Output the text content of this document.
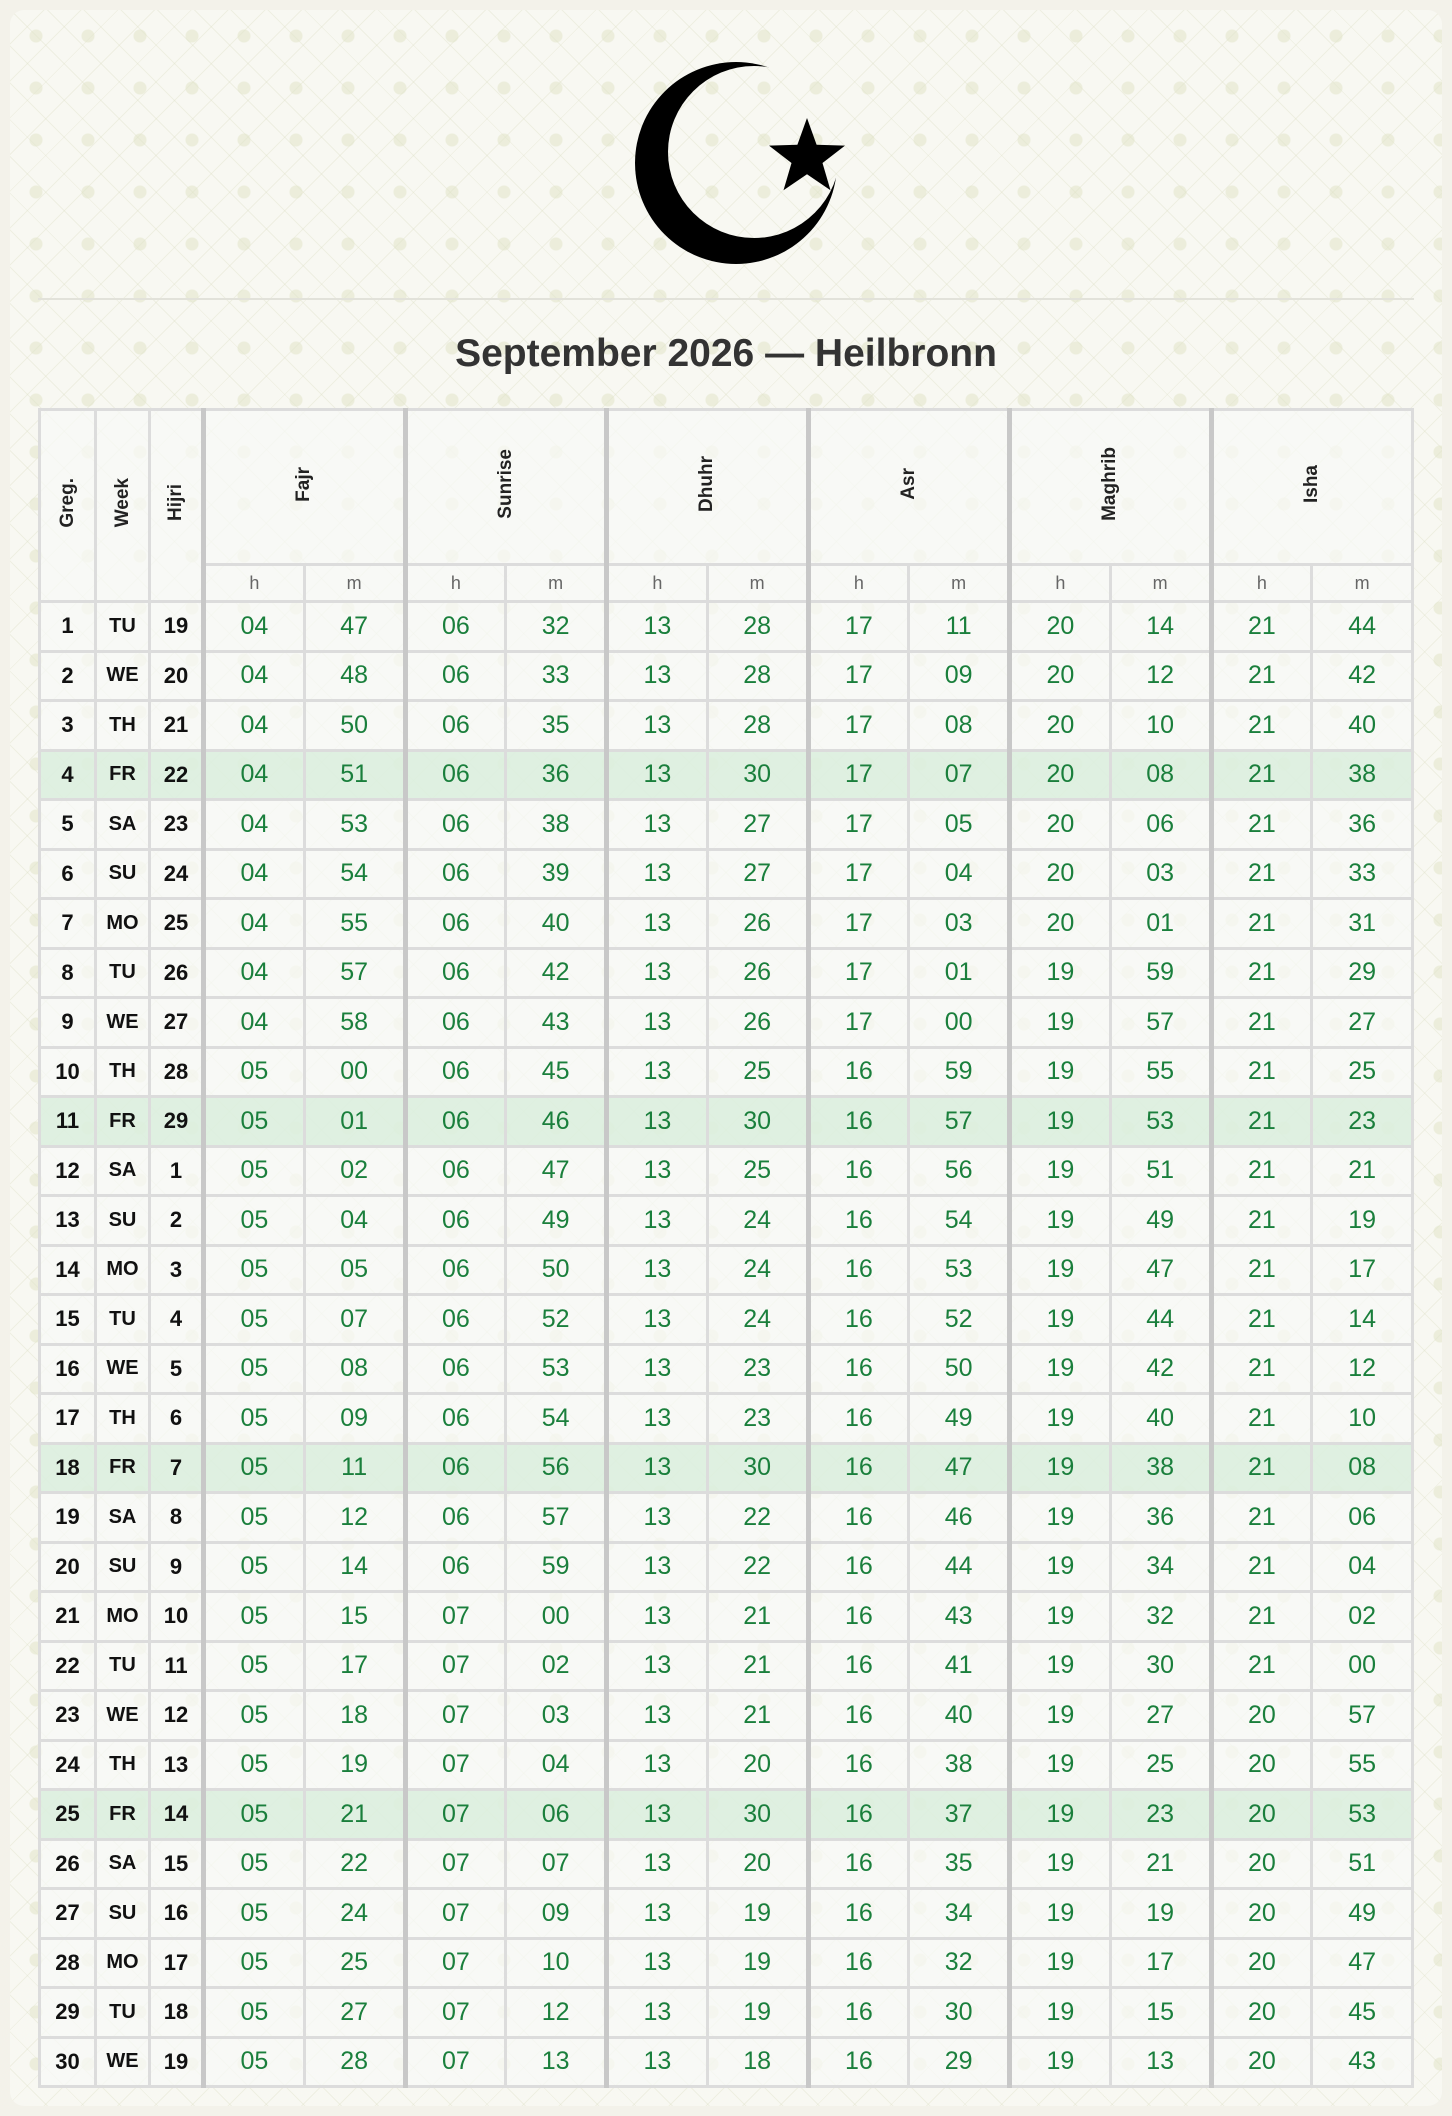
September 2026 — Heilbronn
Greg.	Week	Hijri	Fajr		Sunrise		Dhuhr		Asr		Maghrib		Isha	
			h	m	h	m	h	m	h	m	h	m	h	m
1	TU	19	04	47	06	32	13	28	17	11	20	14	21	44
2	WE	20	04	48	06	33	13	28	17	09	20	12	21	42
3	TH	21	04	50	06	35	13	28	17	08	20	10	21	40
4	FR	22	04	51	06	36	13	30	17	07	20	08	21	38
5	SA	23	04	53	06	38	13	27	17	05	20	06	21	36
6	SU	24	04	54	06	39	13	27	17	04	20	03	21	33
7	MO	25	04	55	06	40	13	26	17	03	20	01	21	31
8	TU	26	04	57	06	42	13	26	17	01	19	59	21	29
9	WE	27	04	58	06	43	13	26	17	00	19	57	21	27
10	TH	28	05	00	06	45	13	25	16	59	19	55	21	25
11	FR	29	05	01	06	46	13	30	16	57	19	53	21	23
12	SA	1	05	02	06	47	13	25	16	56	19	51	21	21
13	SU	2	05	04	06	49	13	24	16	54	19	49	21	19
14	MO	3	05	05	06	50	13	24	16	53	19	47	21	17
15	TU	4	05	07	06	52	13	24	16	52	19	44	21	14
16	WE	5	05	08	06	53	13	23	16	50	19	42	21	12
17	TH	6	05	09	06	54	13	23	16	49	19	40	21	10
18	FR	7	05	11	06	56	13	30	16	47	19	38	21	08
19	SA	8	05	12	06	57	13	22	16	46	19	36	21	06
20	SU	9	05	14	06	59	13	22	16	44	19	34	21	04
21	MO	10	05	15	07	00	13	21	16	43	19	32	21	02
22	TU	11	05	17	07	02	13	21	16	41	19	30	21	00
23	WE	12	05	18	07	03	13	21	16	40	19	27	20	57
24	TH	13	05	19	07	04	13	20	16	38	19	25	20	55
25	FR	14	05	21	07	06	13	30	16	37	19	23	20	53
26	SA	15	05	22	07	07	13	20	16	35	19	21	20	51
27	SU	16	05	24	07	09	13	19	16	34	19	19	20	49
28	MO	17	05	25	07	10	13	19	16	32	19	17	20	47
29	TU	18	05	27	07	12	13	19	16	30	19	15	20	45
30	WE	19	05	28	07	13	13	18	16	29	19	13	20	43
